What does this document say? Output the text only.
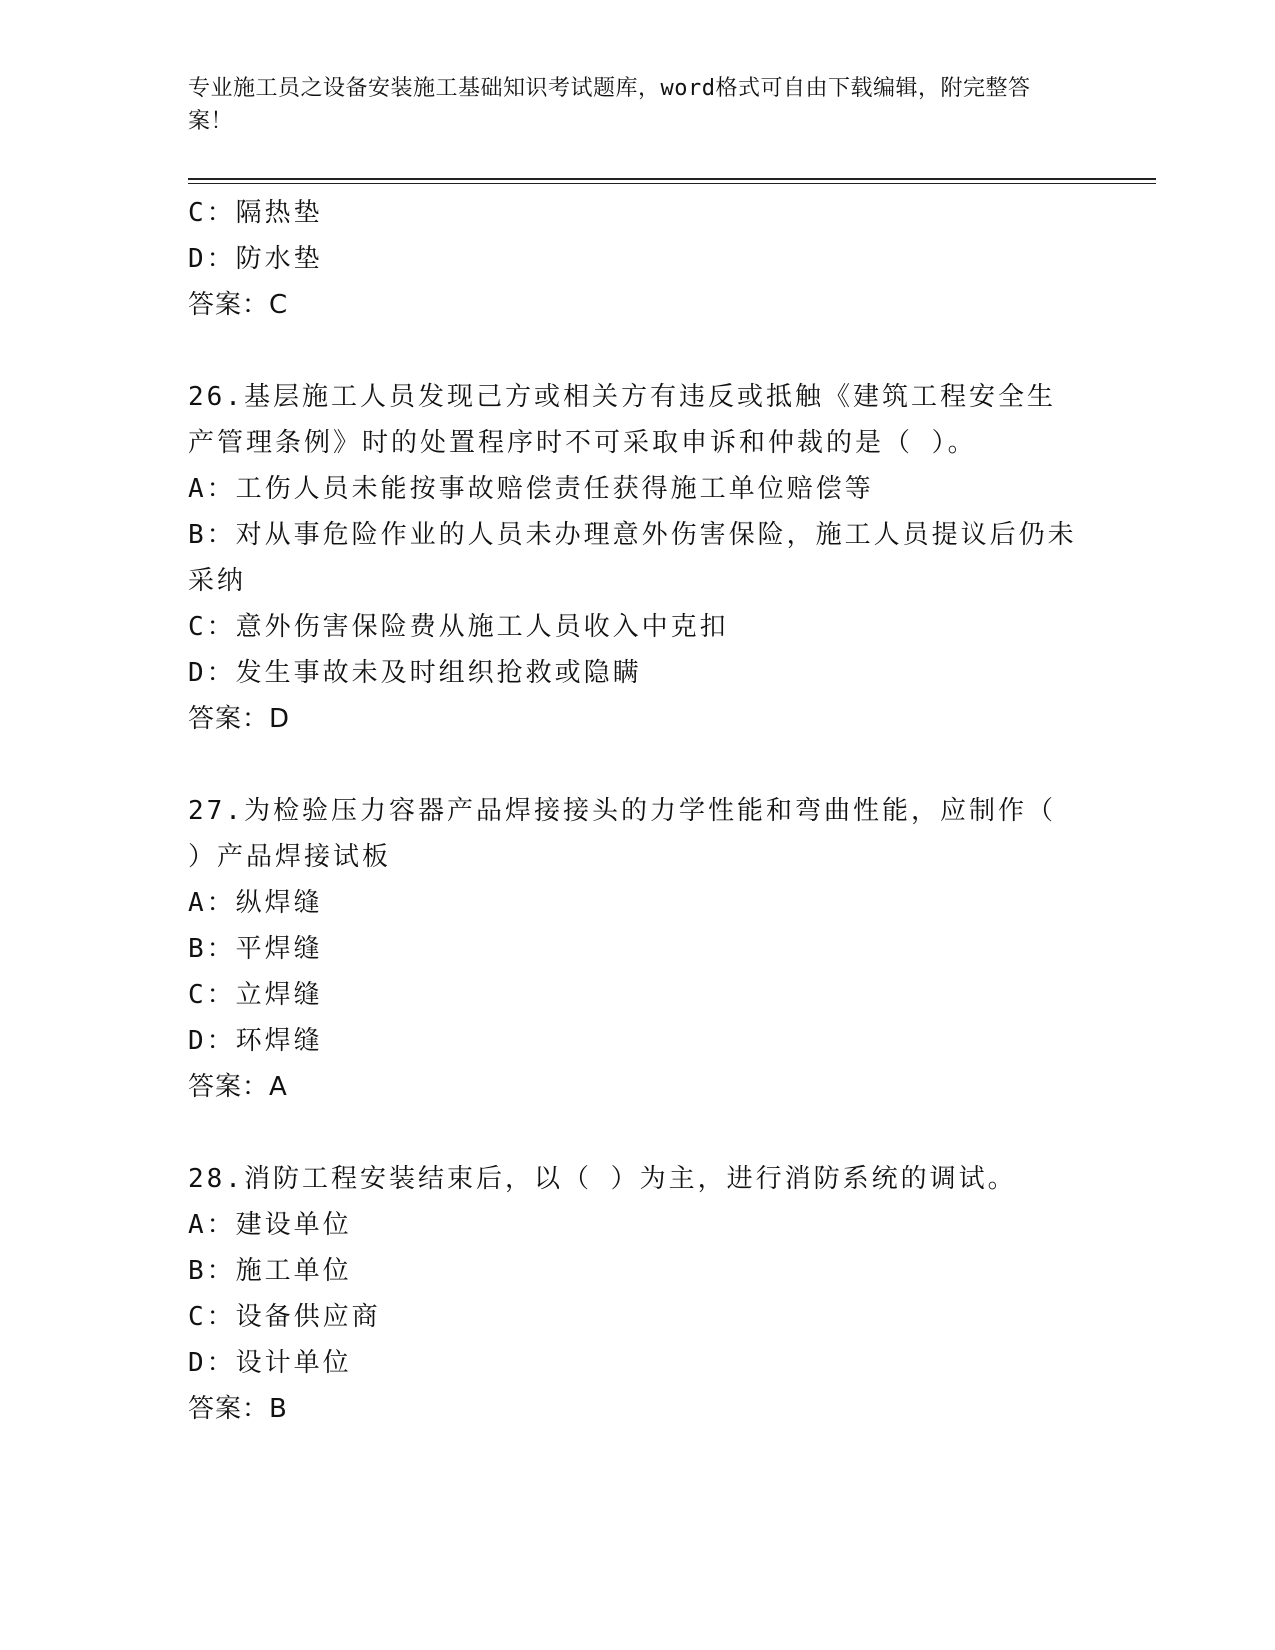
专业施工员之设备安装施工基础知识考试题库，word格式可自由下载编辑，附完整答案！
C：隔热垫
D：防水垫
答案：C
26.基层施工人员发现己方或相关方有违反或抵触《建筑工程安全生产管理条例》时的处置程序时不可采取申诉和仲裁的是（ ）。
A：工伤人员未能按事故赔偿责任获得施工单位赔偿等
B：对从事危险作业的人员未办理意外伤害保险，施工人员提议后仍未采纳
C：意外伤害保险费从施工人员收入中克扣
D：发生事故未及时组织抢救或隐瞒
答案：D
27.为检验压力容器产品焊接接头的力学性能和弯曲性能，应制作（ ）产品焊接试板
A：纵焊缝
B：平焊缝
C：立焊缝
D：环焊缝
答案：A
28.消防工程安装结束后，以（ ）为主，进行消防系统的调试。
A：建设单位
B：施工单位
C：设备供应商
D：设计单位
答案：B
